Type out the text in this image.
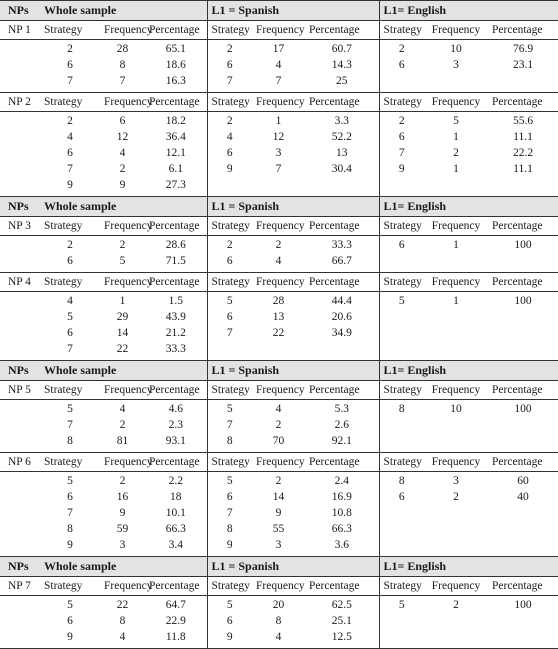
NPs	Whole sample			L1 = Spanish			L1= English		
NP 1	Strategy	Frequency	Percentage	Strategy	Frequency	Percentage	Strategy	Frequency	Percentage
	2	28	65.1	2	17	60.7	2	10	76.9
	6	8	18.6	6	4	14.3	6	3	23.1
	7	7	16.3	7	7	25			
NP 2	Strategy	Frequency	Percentage	Strategy	Frequency	Percentage	Strategy	Frequency	Percentage
	2	6	18.2	2	1	3.3	2	5	55.6
	4	12	36.4	4	12	52.2	6	1	11.1
	6	4	12.1	6	3	13	7	2	22.2
	7	2	6.1	9	7	30.4	9	1	11.1
	9	9	27.3						
NPs	Whole sample			L1 = Spanish			L1= English		
NP 3	Strategy	Frequency	Percentage	Strategy	Frequency	Percentage	Strategy	Frequency	Percentage
	2	2	28.6	2	2	33.3	6	1	100
	6	5	71.5	6	4	66.7			
NP 4	Strategy	Frequency	Percentage	Strategy	Frequency	Percentage	Strategy	Frequency	Percentage
	4	1	1.5	5	28	44.4	5	1	100
	5	29	43.9	6	13	20.6			
	6	14	21.2	7	22	34.9			
	7	22	33.3						
NPs	Whole sample			L1 = Spanish			L1= English		
NP 5	Strategy	Frequency	Percentage	Strategy	Frequency	Percentage	Strategy	Frequency	Percentage
	5	4	4.6	5	4	5.3	8	10	100
	7	2	2.3	7	2	2.6			
	8	81	93.1	8	70	92.1			
NP 6	Strategy	Frequency	Percentage	Strategy	Frequency	Percentage	Strategy	Frequency	Percentage
	5	2	2.2	5	2	2.4	8	3	60
	6	16	18	6	14	16.9	6	2	40
	7	9	10.1	7	9	10.8			
	8	59	66.3	8	55	66.3			
	9	3	3.4	9	3	3.6			
NPs	Whole sample			L1 = Spanish			L1= English		
NP 7	Strategy	Frequency	Percentage	Strategy	Frequency	Percentage	Strategy	Frequency	Percentage
	5	22	64.7	5	20	62.5	5	2	100
	6	8	22.9	6	8	25.1			
	9	4	11.8	9	4	12.5			
